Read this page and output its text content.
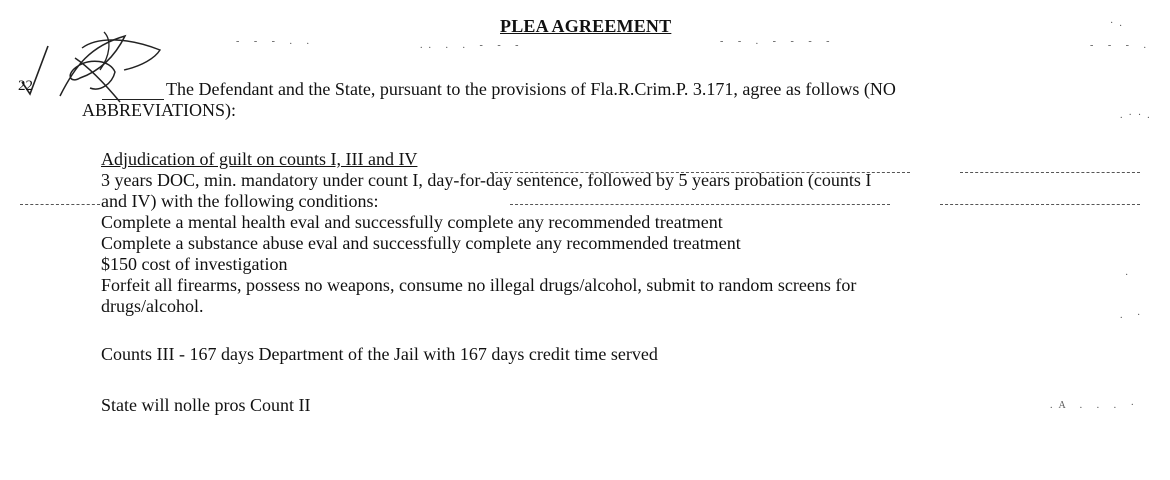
- - - . .	.. . . - - -	- - . - - - -	- - - .
·.
.··.
.A . . . ·
·
. ·
PLEA AGREEMENT
22	The Defendant and the State, pursuant to the provisions of Fla.R.Crim.P. 3.171, agree as follows (NO
ABBREVIATIONS):
Adjudication of guilt on counts I, III and IV
3 years DOC, min. mandatory under count I, day-for-day sentence, followed by 5 years probation (counts I
and IV) with the following conditions:
Complete a mental health eval and successfully complete any recommended treatment
Complete a substance abuse eval and successfully complete any recommended treatment
$150 cost of investigation
Forfeit all firearms, possess no weapons, consume no illegal drugs/alcohol, submit to random screens for
drugs/alcohol.
Counts III - 167 days Department of the Jail with 167 days credit time served
State will nolle pros Count II
